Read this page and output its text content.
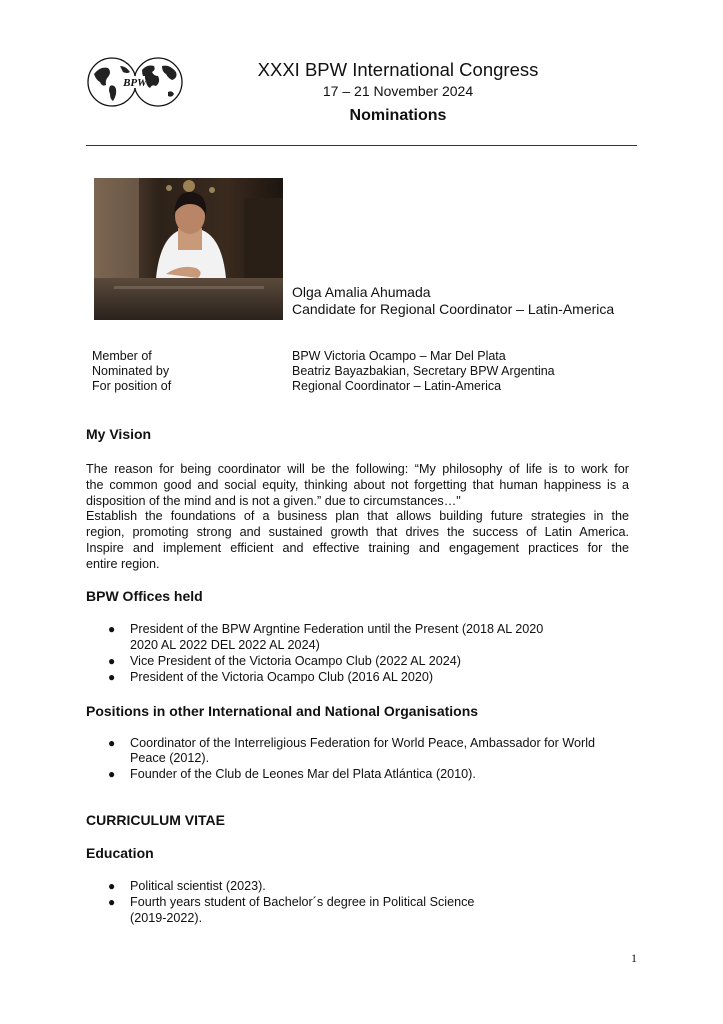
BPW
XXXI BPW International Congress
17 – 21 November 2024
Nominations
Olga Amalia Ahumada
Candidate for Regional Coordinator – Latin-America
Member of	BPW Victoria Ocampo – Mar Del Plata
Nominated by	Beatriz Bayazbakian, Secretary BPW Argentina
For position of	Regional Coordinator – Latin-America
My Vision
The reason for being coordinator will be the following: “My philosophy of life is to work for
the common good and social equity, thinking about not forgetting that human happiness is a
disposition of the mind and is not a given.” due to circumstances…"
Establish the foundations of a business plan that allows building future strategies in the
region, promoting strong and sustained growth that drives the success of Latin America.
Inspire and implement efficient and effective training and engagement practices for the
entire region.
BPW Offices held
● President of the BPW Argntine Federation until the Present (2018 AL 2020
2020 AL 2022 DEL 2022 AL 2024)
● Vice President of the Victoria Ocampo Club (2022 AL 2024)
● President of the Victoria Ocampo Club (2016 AL 2020)
Positions in other International and National Organisations
● Coordinator of the Interreligious Federation for World Peace, Ambassador for World
Peace (2012).
● Founder of the Club de Leones Mar del Plata Atlántica (2010).
CURRICULUM VITAE
Education
● Political scientist (2023).
● Fourth years student of Bachelor´s degree in Political Science
(2019-2022).
1
